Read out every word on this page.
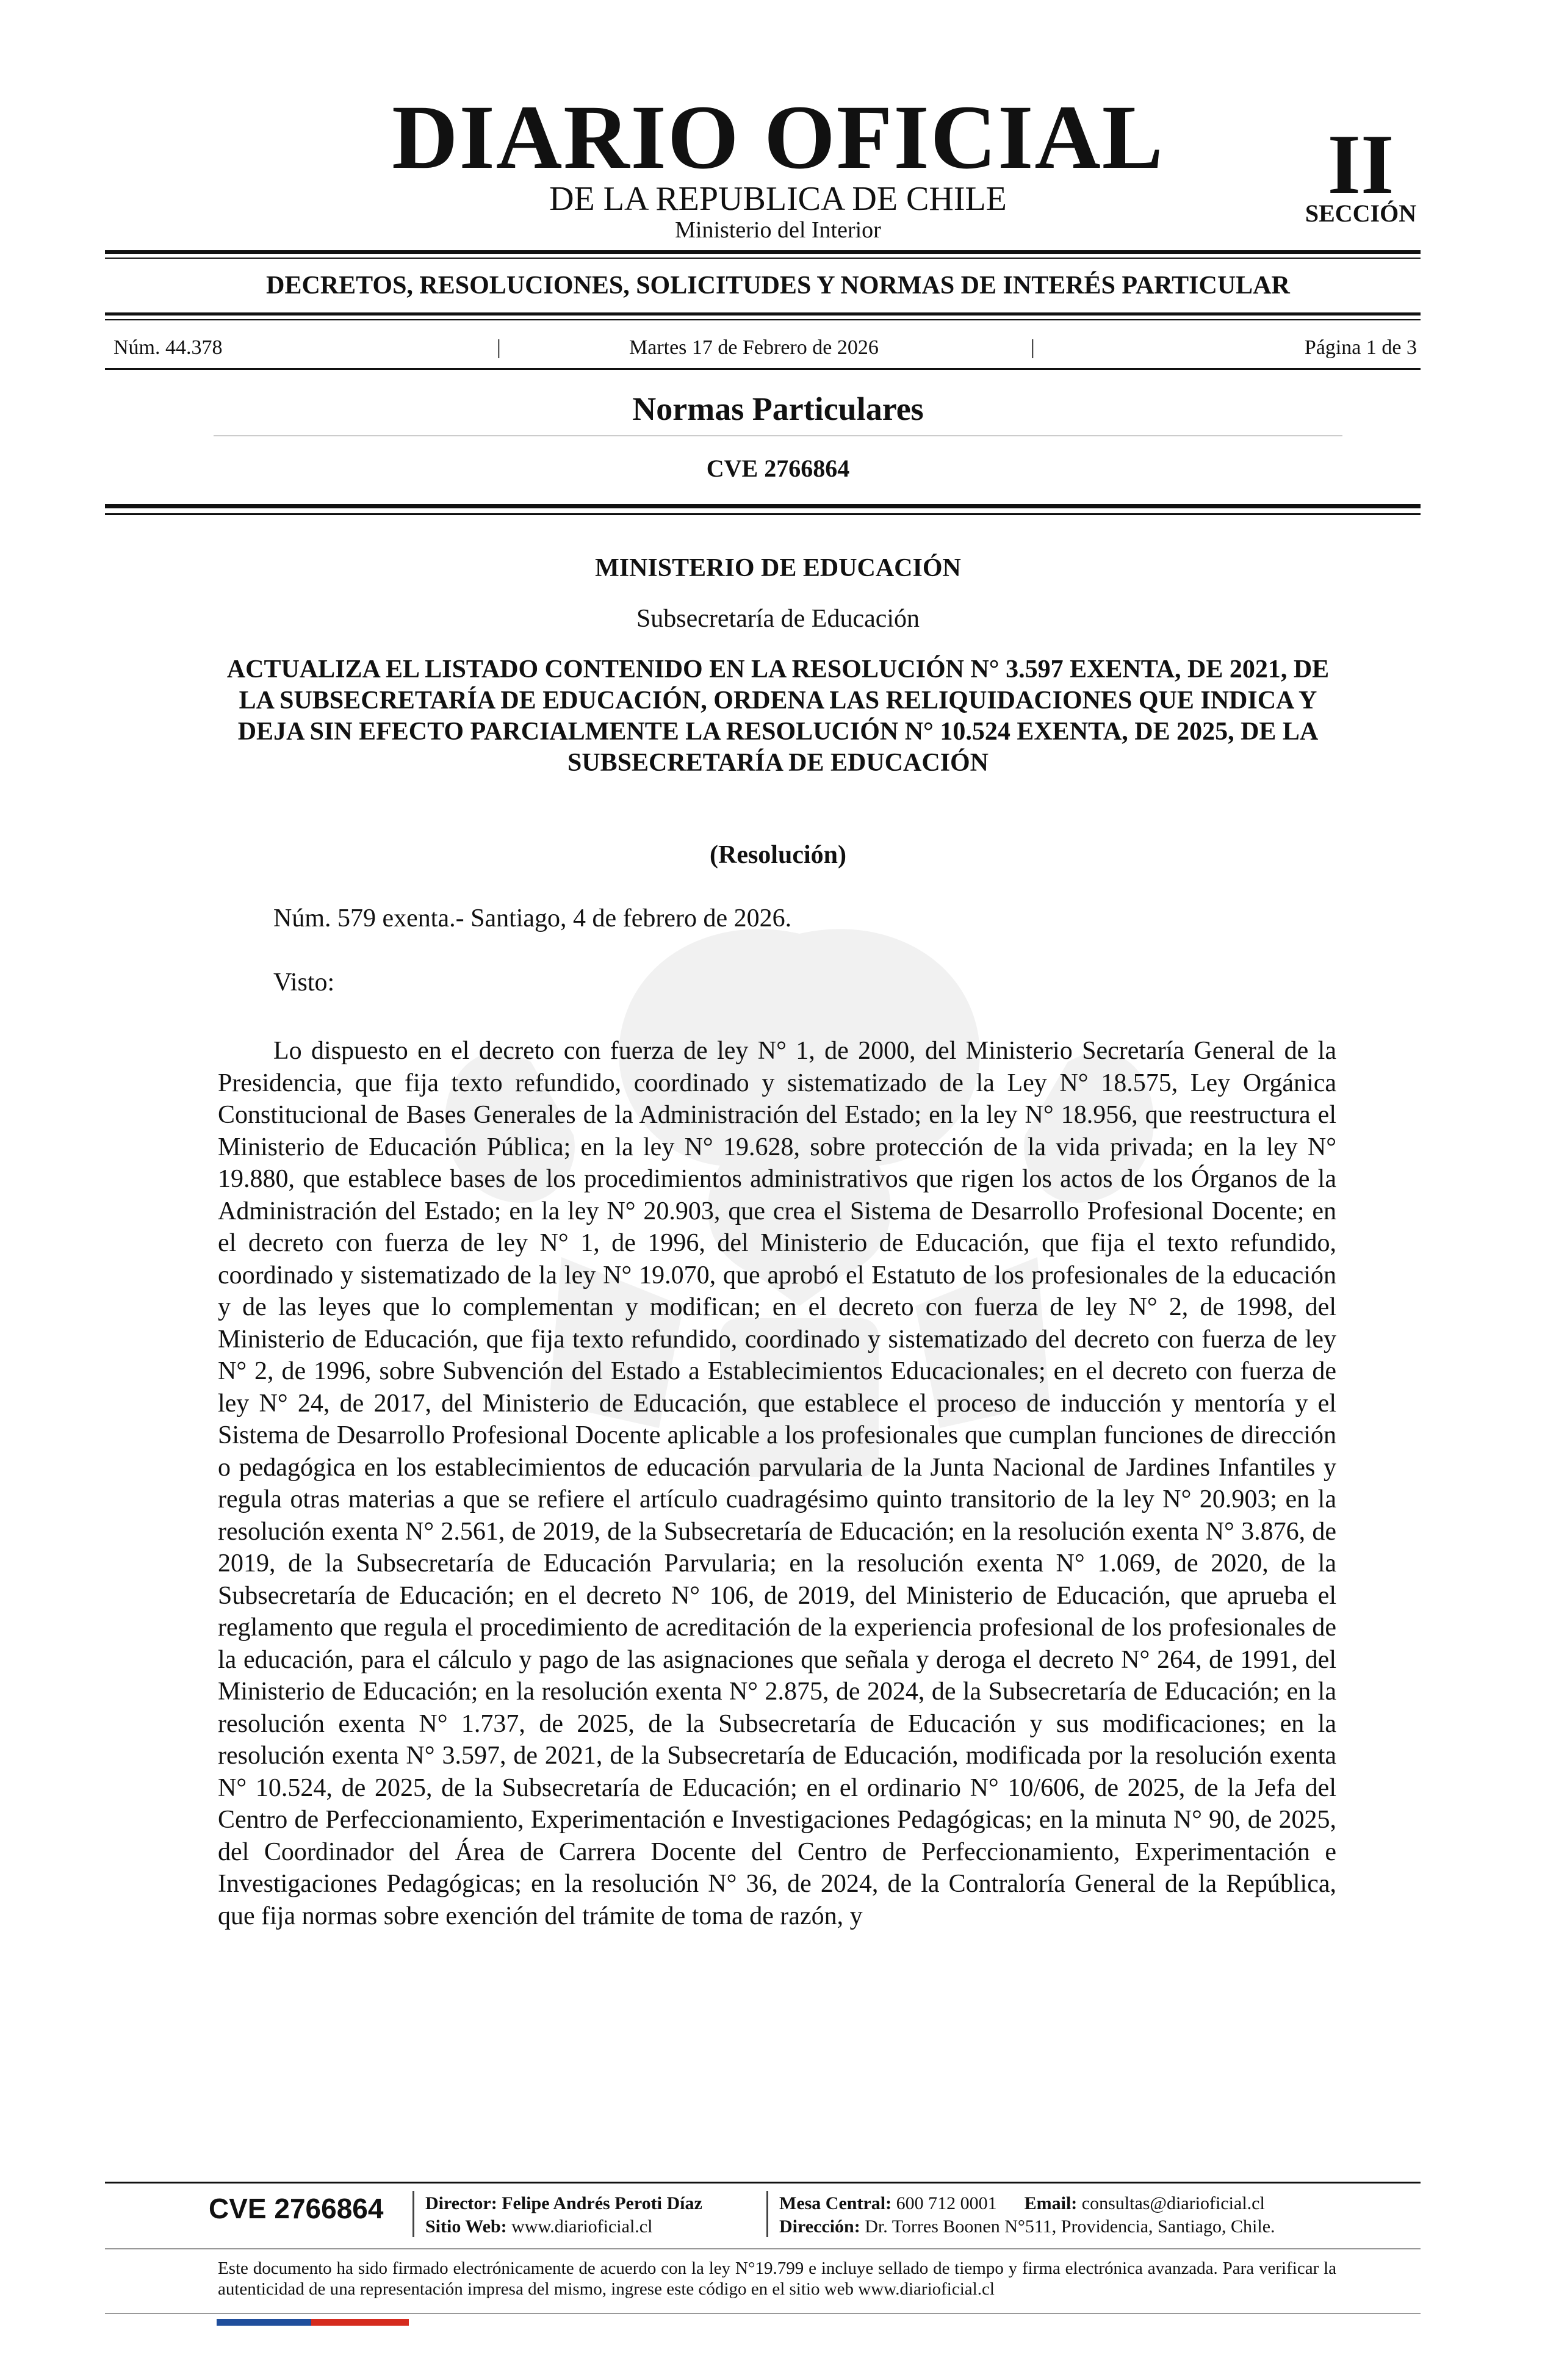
DIARIO OFICIAL
DE LA REPUBLICA DE CHILE
Ministerio del Interior
II
SECCIÓN
DECRETOS, RESOLUCIONES, SOLICITUDES Y NORMAS DE INTERÉS PARTICULAR
Núm. 44.378	|	Martes 17 de Febrero de 2026	|	Página 1 de 3
Normas Particulares
CVE 2766864
MINISTERIO DE EDUCACIÓN
Subsecretaría de Educación
ACTUALIZA EL LISTADO CONTENIDO EN LA RESOLUCIÓN N° 3.597 EXENTA, DE 2021, DE LA SUBSECRETARÍA DE EDUCACIÓN, ORDENA LAS RELIQUIDACIONES QUE INDICA Y DEJA SIN EFECTO PARCIALMENTE LA RESOLUCIÓN N° 10.524 EXENTA, DE 2025, DE LA SUBSECRETARÍA DE EDUCACIÓN
(Resolución)
Núm. 579 exenta.- Santiago, 4 de febrero de 2026.
Visto:

Lo dispuesto en el decreto con fuerza de ley N° 1, de 2000, del Ministerio Secretaría General de la Presidencia, que fija texto refundido, coordinado y sistematizado de la Ley N° 18.575, Ley Orgánica Constitucional de Bases Generales de la Administración del Estado; en la ley N° 18.956, que reestructura el Ministerio de Educación Pública; en la ley N° 19.628, sobre protección de la vida privada; en la ley N° 19.880, que establece bases de los procedimientos administrativos que rigen los actos de los Órganos de la Administración del Estado; en la ley N° 20.903, que crea el Sistema de Desarrollo Profesional Docente; en el decreto con fuerza de ley N° 1, de 1996, del Ministerio de Educación, que fija el texto refundido, coordinado y sistematizado de la ley N° 19.070, que aprobó el Estatuto de los profesionales de la educación y de las leyes que lo complementan y modifican; en el decreto con fuerza de ley N° 2, de 1998, del Ministerio de Educación, que fija texto refundido, coordinado y sistematizado del decreto con fuerza de ley N° 2, de 1996, sobre Subvención del Estado a Establecimientos Educacionales; en el decreto con fuerza de ley N° 24, de 2017, del Ministerio de Educación, que establece el proceso de inducción y mentoría y el Sistema de Desarrollo Profesional Docente aplicable a los profesionales que cumplan funciones de dirección o pedagógica en los establecimientos de educación parvularia de la Junta Nacional de Jardines Infantiles y regula otras materias a que se refiere el artículo cuadragésimo quinto transitorio de la ley N° 20.903; en la resolución exenta N° 2.561, de 2019, de la Subsecretaría de Educación; en la resolución exenta N° 3.876, de 2019, de la Subsecretaría de Educación Parvularia; en la resolución exenta N° 1.069, de 2020, de la Subsecretaría de Educación; en el decreto N° 106, de 2019, del Ministerio de Educación, que aprueba el reglamento que regula el procedimiento de acreditación de la experiencia profesional de los profesionales de la educación, para el cálculo y pago de las asignaciones que señala y deroga el decreto N° 264, de 1991, del Ministerio de Educación; en la resolución exenta N° 2.875, de 2024, de la Subsecretaría de Educación; en la resolución exenta N° 1.737, de 2025, de la Subsecretaría de Educación y sus modificaciones; en la resolución exenta N° 3.597, de 2021, de la Subsecretaría de Educación, modificada por la resolución exenta N° 10.524, de 2025, de la Subsecretaría de Educación; en el ordinario N° 10/606, de 2025, de la Jefa del Centro de Perfeccionamiento, Experimentación e Investigaciones Pedagógicas; en la minuta N° 90, de 2025, del Coordinador del Área de Carrera Docente del Centro de Perfeccionamiento, Experimentación e Investigaciones Pedagógicas; en la resolución N° 36, de 2024, de la Contraloría General de la República, que fija normas sobre exención del trámite de toma de razón, y

CVE 2766864	Director: Felipe Andrés Peroti Díaz
Sitio Web: www.diarioficial.cl
Mesa Central: 600 712 0001 Email: consultas@diarioficial.cl
Dirección: Dr. Torres Boonen N°511, Providencia, Santiago, Chile.

Este documento ha sido firmado electrónicamente de acuerdo con la ley N°19.799 e incluye sellado de tiempo y firma electrónica avanzada. Para verificar la autenticidad de una representación impresa del mismo, ingrese este código en el sitio web www.diarioficial.cl
